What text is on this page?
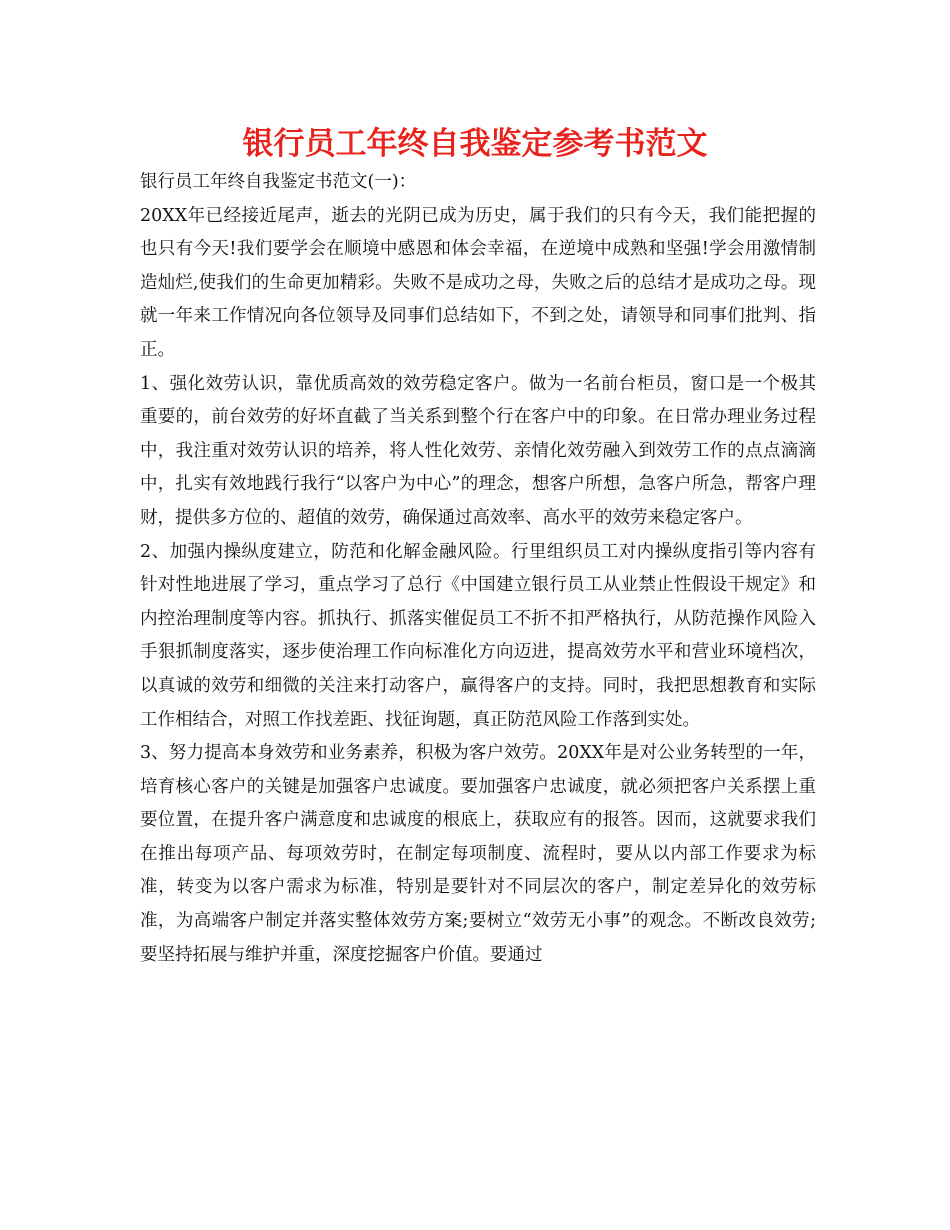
银行员工年终自我鉴定参考书范文

银行员工年终自我鉴定书范文(一)：

20XX年已经接近尾声，逝去的光阴已成为历史，属于我们的只有今天，我们能把握的也只有今天!我们要学会在顺境中感恩和体会幸福，在逆境中成熟和坚强!学会用激情制造灿烂,使我们的生命更加精彩。失败不是成功之母，失败之后的总结才是成功之母。现就一年来工作情况向各位领导及同事们总结如下，不到之处，请领导和同事们批判、指正。

1、强化效劳认识，靠优质高效的效劳稳定客户。做为一名前台柜员，窗口是一个极其重要的，前台效劳的好坏直截了当关系到整个行在客户中的印象。在日常办理业务过程中，我注重对效劳认识的培养，将人性化效劳、亲情化效劳融入到效劳工作的点点滴滴中，扎实有效地践行我行“以客户为中心”的理念，想客户所想，急客户所急，帮客户理财，提供多方位的、超值的效劳，确保通过高效率、高水平的效劳来稳定客户。

2、加强内操纵度建立，防范和化解金融风险。行里组织员工对内操纵度指引等内容有针对性地进展了学习，重点学习了总行《中国建立银行员工从业禁止性假设干规定》和内控治理制度等内容。抓执行、抓落实催促员工不折不扣严格执行，从防范操作风险入手狠抓制度落实，逐步使治理工作向标准化方向迈进，提高效劳水平和营业环境档次，以真诚的效劳和细微的关注来打动客户，赢得客户的支持。同时，我把思想教育和实际工作相结合，对照工作找差距、找征询题，真正防范风险工作落到实处。

3、努力提高本身效劳和业务素养，积极为客户效劳。20XX年是对公业务转型的一年，培育核心客户的关键是加强客户忠诚度。要加强客户忠诚度，就必须把客户关系摆上重要位置，在提升客户满意度和忠诚度的根底上，获取应有的报答。因而，这就要求我们在推出每项产品、每项效劳时，在制定每项制度、流程时，要从以内部工作要求为标准，转变为以客户需求为标准，特别是要针对不同层次的客户，制定差异化的效劳标准，为高端客户制定并落实整体效劳方案;要树立“效劳无小事”的观念。不断改良效劳;要坚持拓展与维护并重，深度挖掘客户价值。要通过
